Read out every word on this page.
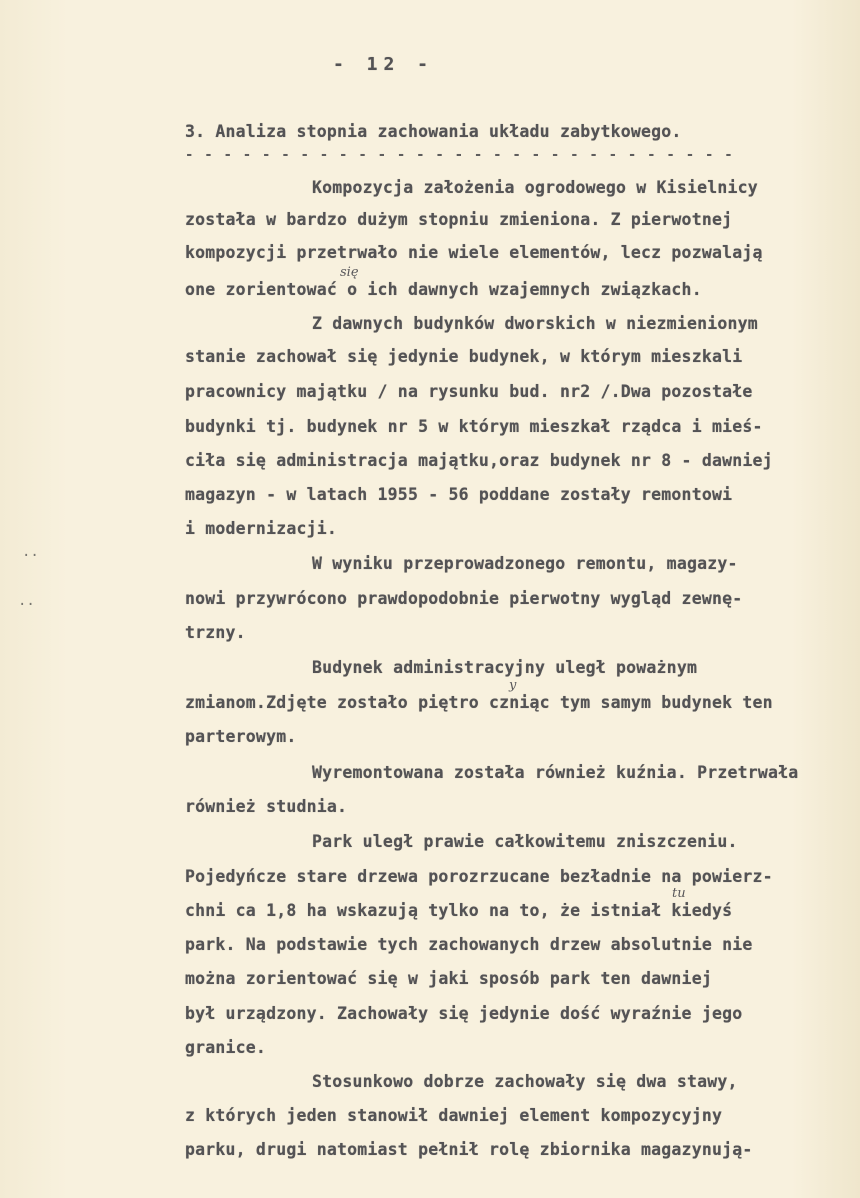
- 12 -
3. Analiza stopnia zachowania układu zabytkowego.
- - - - - - - - - - - - - - - - - - - - - - - - - - - - -
Kompozycja założenia ogrodowego w Kisielnicy
została w bardzo dużym stopniu zmieniona. Z pierwotnej
kompozycji przetrwało nie wiele elementów, lecz pozwalają
one zorientować o ich dawnych wzajemnych związkach.
Z dawnych budynków dworskich w niezmienionym
stanie zachował się jedynie budynek, w którym mieszkali
pracownicy majątku / na rysunku bud. nr2 /.Dwa pozostałe
budynki tj. budynek nr 5 w którym mieszkał rządca i mieś-
ciła się administracja majątku,oraz budynek nr 8 - dawniej
magazyn - w latach 1955 - 56 poddane zostały remontowi
i modernizacji.
W wyniku przeprowadzonego remontu, magazy-
nowi przywrócono prawdopodobnie pierwotny wygląd zewnę-
trzny.
Budynek administracyjny uległ poważnym
zmianom.Zdjęte zostało piętro czniąc tym samym budynek ten
parterowym.
Wyremontowana została również kuźnia. Przetrwała
również studnia.
Park uległ prawie całkowitemu zniszczeniu.
Pojedyńcze stare drzewa porozrzucane bezładnie na powierz-
chni ca 1,8 ha wskazują tylko na to, że istniał kiedyś
park. Na podstawie tych zachowanych drzew absolutnie nie
można zorientować się w jaki sposób park ten dawniej
był urządzony. Zachowały się jedynie dość wyraźnie jego
granice.
Stosunkowo dobrze zachowały się dwa stawy,
z których jeden stanowił dawniej element kompozycyjny
parku, drugi natomiast pełnił rolę zbiornika magazynują-
się
y
tu
··
··
